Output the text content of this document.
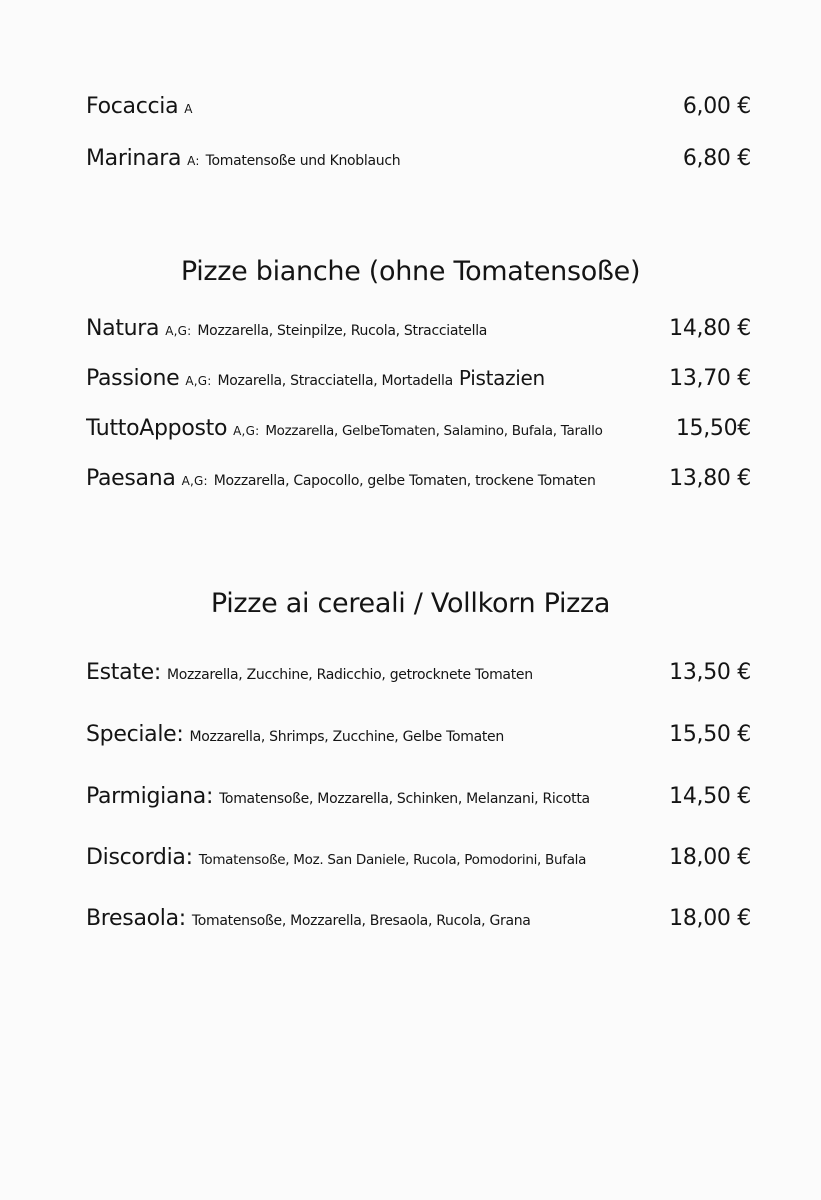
Focaccia A	6,00 €
Marinara A: Tomatensoße und Knoblauch	6,80 €
Pizze bianche (ohne Tomatensoße)
Natura A,G: Mozzarella, Steinpilze, Rucola, Stracciatella	14,80 €
Passione A,G: Mozarella, Stracciatella, Mortadella Pistazien	13,70 €
TuttoApposto A,G: Mozzarella, GelbeTomaten, Salamino, Bufala, Tarallo	15,50€
Paesana A,G: Mozzarella, Capocollo, gelbe Tomaten, trockene Tomaten	13,80 €
Pizze ai cereali / Vollkorn Pizza
Estate: Mozzarella, Zucchine, Radicchio, getrocknete Tomaten	13,50 €
Speciale: Mozzarella, Shrimps, Zucchine, Gelbe Tomaten	15,50 €
Parmigiana: Tomatensoße, Mozzarella, Schinken, Melanzani, Ricotta	14,50 €
Discordia: Tomatensoße, Moz. San Daniele, Rucola, Pomodorini, Bufala	18,00 €
Bresaola: Tomatensoße, Mozzarella, Bresaola, Rucola, Grana	18,00 €
